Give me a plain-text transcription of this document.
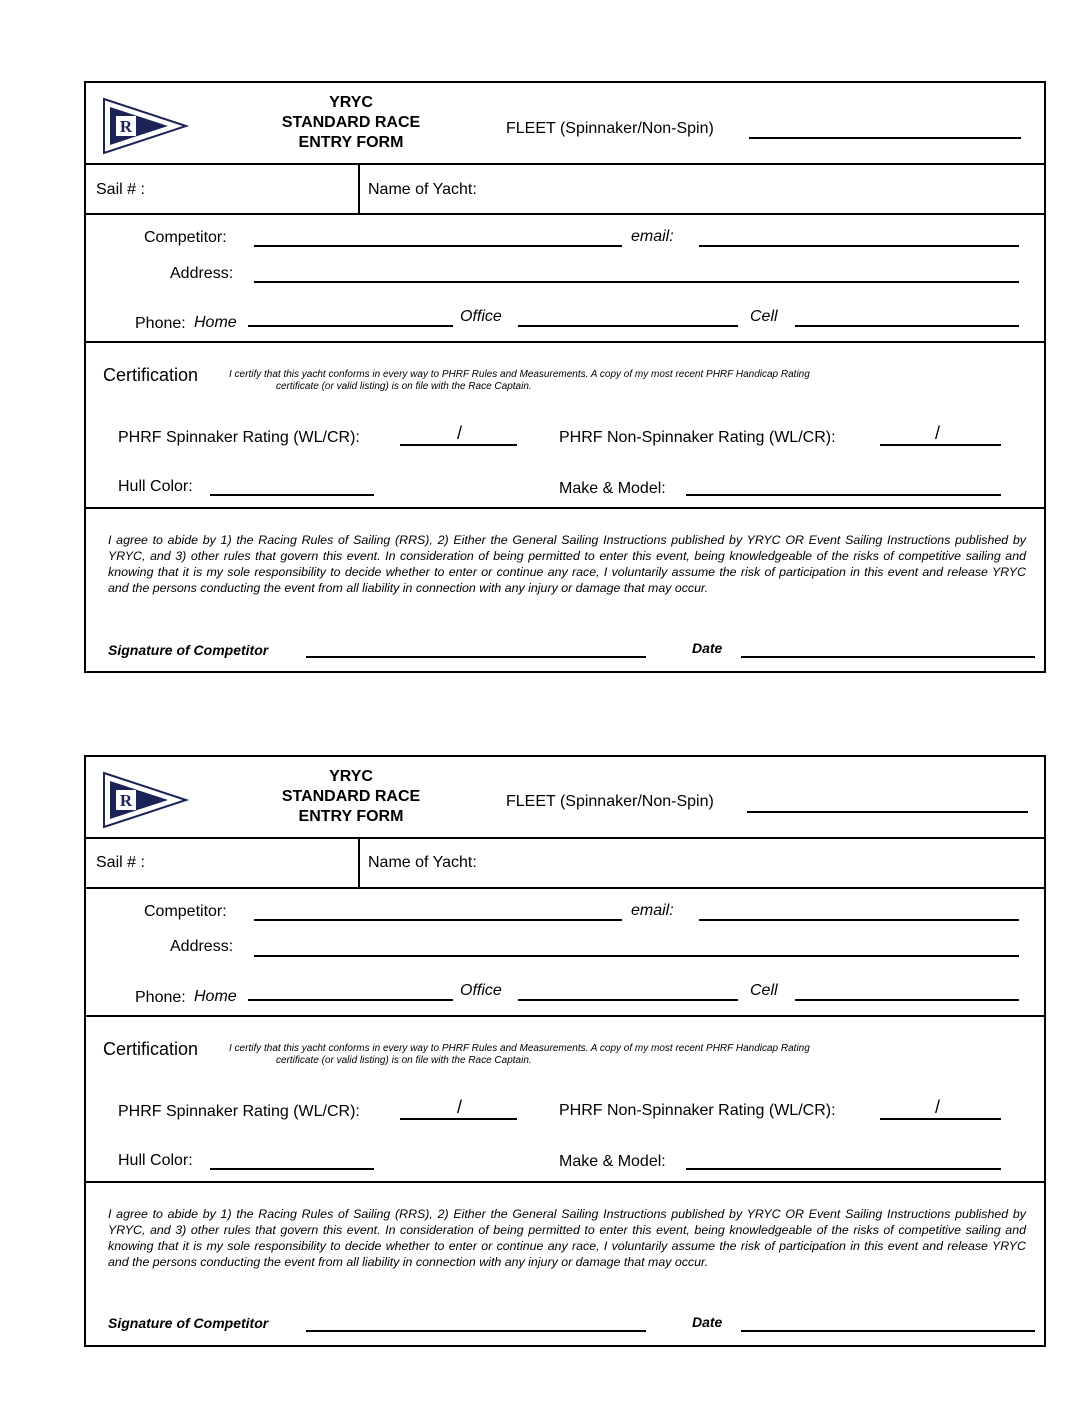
R
YRYC
STANDARD RACE
ENTRY FORM
FLEET (Spinnaker/Non-Spin)
Sail # :	Name of Yacht:
Competitor:	email:
Address:
Phone: Home	Office	Cell
Certification	I certify that this yacht conforms in every way to PHRF Rules and Measurements. A copy of my most recent PHRF Handicap Rating
certificate (or valid listing) is on file with the Race Captain.
PHRF Spinnaker Rating (WL/CR):	/	PHRF Non-Spinnaker Rating (WL/CR):	/
Hull Color:	Make & Model:
I agree to abide by 1) the Racing Rules of Sailing (RRS), 2) Either the General Sailing Instructions published by YRYC OR Event Sailing Instructions published by YRYC, and 3) other rules that govern this event. In consideration of being permitted to enter this event, being knowledgeable of the risks of competitive sailing and knowing that it is my sole responsibility to decide whether to enter or continue any race, I voluntarily assume the risk of participation in this event and release YRYC and the persons conducting the event from all liability in connection with any injury or damage that may occur.
Signature of Competitor	Date
R
YRYC
STANDARD RACE
ENTRY FORM
FLEET (Spinnaker/Non-Spin)
Sail # :	Name of Yacht:
Competitor:	email:
Address:
Phone: Home	Office	Cell
Certification	I certify that this yacht conforms in every way to PHRF Rules and Measurements. A copy of my most recent PHRF Handicap Rating
certificate (or valid listing) is on file with the Race Captain.
PHRF Spinnaker Rating (WL/CR):	/	PHRF Non-Spinnaker Rating (WL/CR):	/
Hull Color:	Make & Model:
I agree to abide by 1) the Racing Rules of Sailing (RRS), 2) Either the General Sailing Instructions published by YRYC OR Event Sailing Instructions published by YRYC, and 3) other rules that govern this event. In consideration of being permitted to enter this event, being knowledgeable of the risks of competitive sailing and knowing that it is my sole responsibility to decide whether to enter or continue any race, I voluntarily assume the risk of participation in this event and release YRYC and the persons conducting the event from all liability in connection with any injury or damage that may occur.
Signature of Competitor	Date
